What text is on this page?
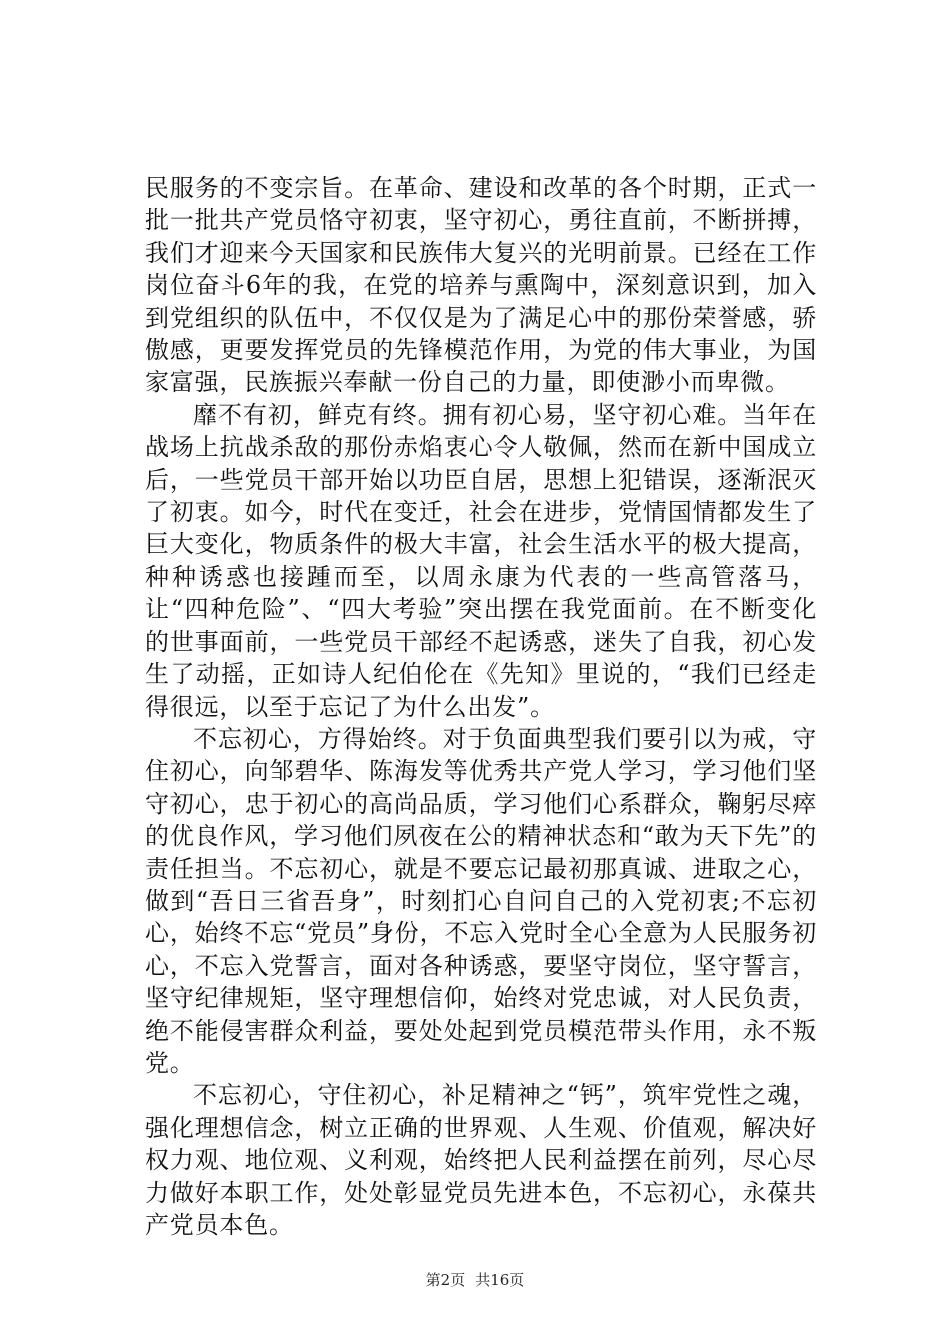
民服务的不变宗旨。在革命、建设和改革的各个时期，正式一批一批共产党员恪守初衷，坚守初心，勇往直前，不断拼搏，我们才迎来今天国家和民族伟大复兴的光明前景。已经在工作岗位奋斗6年的我，在党的培养与熏陶中，深刻意识到，加入到党组织的队伍中，不仅仅是为了满足心中的那份荣誉感，骄傲感，更要发挥党员的先锋模范作用，为党的伟大事业，为国家富强，民族振兴奉献一份自己的力量，即使渺小而卑微。

靡不有初，鲜克有终。拥有初心易，坚守初心难。当年在战场上抗战杀敌的那份赤焰衷心令人敬佩，然而在新中国成立后，一些党员干部开始以功臣自居，思想上犯错误，逐渐泯灭了初衷。如今，时代在变迁，社会在进步，党情国情都发生了巨大变化，物质条件的极大丰富，社会生活水平的极大提高，种种诱惑也接踵而至，以周永康为代表的一些高管落马，让“四种危险”、“四大考验”突出摆在我党面前。在不断变化的世事面前，一些党员干部经不起诱惑，迷失了自我，初心发生了动摇，正如诗人纪伯伦在《先知》里说的，“我们已经走得很远，以至于忘记了为什么出发”。

不忘初心，方得始终。对于负面典型我们要引以为戒，守住初心，向邹碧华、陈海发等优秀共产党人学习，学习他们坚守初心，忠于初心的高尚品质，学习他们心系群众，鞠躬尽瘁的优良作风，学习他们夙夜在公的精神状态和“敢为天下先”的责任担当。不忘初心，就是不要忘记最初那真诚、进取之心，做到“吾日三省吾身”，时刻扪心自问自己的入党初衷;不忘初心，始终不忘“党员”身份，不忘入党时全心全意为人民服务初心，不忘入党誓言，面对各种诱惑，要坚守岗位，坚守誓言，坚守纪律规矩，坚守理想信仰，始终对党忠诚，对人民负责，绝不能侵害群众利益，要处处起到党员模范带头作用，永不叛党。

不忘初心，守住初心，补足精神之“钙”，筑牢党性之魂，强化理想信念，树立正确的世界观、人生观、价值观，解决好权力观、地位观、义利观，始终把人民利益摆在前列，尽心尽力做好本职工作，处处彰显党员先进本色，不忘初心，永葆共产党员本色。

第2页 共16页
